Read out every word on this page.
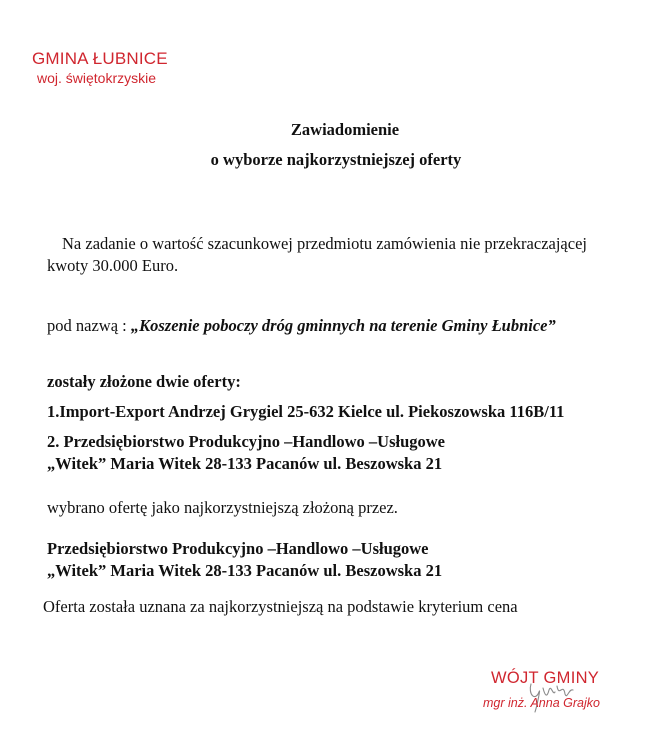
GMINA ŁUBNICE
woj. świętokrzyskie
Zawiadomienie
o wyborze najkorzystniejszej oferty
Na zadanie o wartość szacunkowej przedmiotu zamówienia nie przekraczającej
kwoty 30.000 Euro.
pod nazwą : „Koszenie poboczy dróg gminnych na terenie Gminy Łubnice”
zostały złożone dwie oferty:
1.Import-Export Andrzej Grygiel 25-632 Kielce ul. Piekoszowska 116B/11
2. Przedsiębiorstwo Produkcyjno –Handlowo –Usługowe
„Witek” Maria Witek 28-133 Pacanów ul. Beszowska 21
wybrano ofertę jako najkorzystniejszą złożoną przez.
Przedsiębiorstwo Produkcyjno –Handlowo –Usługowe
„Witek” Maria Witek 28-133 Pacanów ul. Beszowska 21
Oferta została uznana za najkorzystniejszą na podstawie kryterium cena
WÓJT GMINY
mgr inż. Anna Grajko
